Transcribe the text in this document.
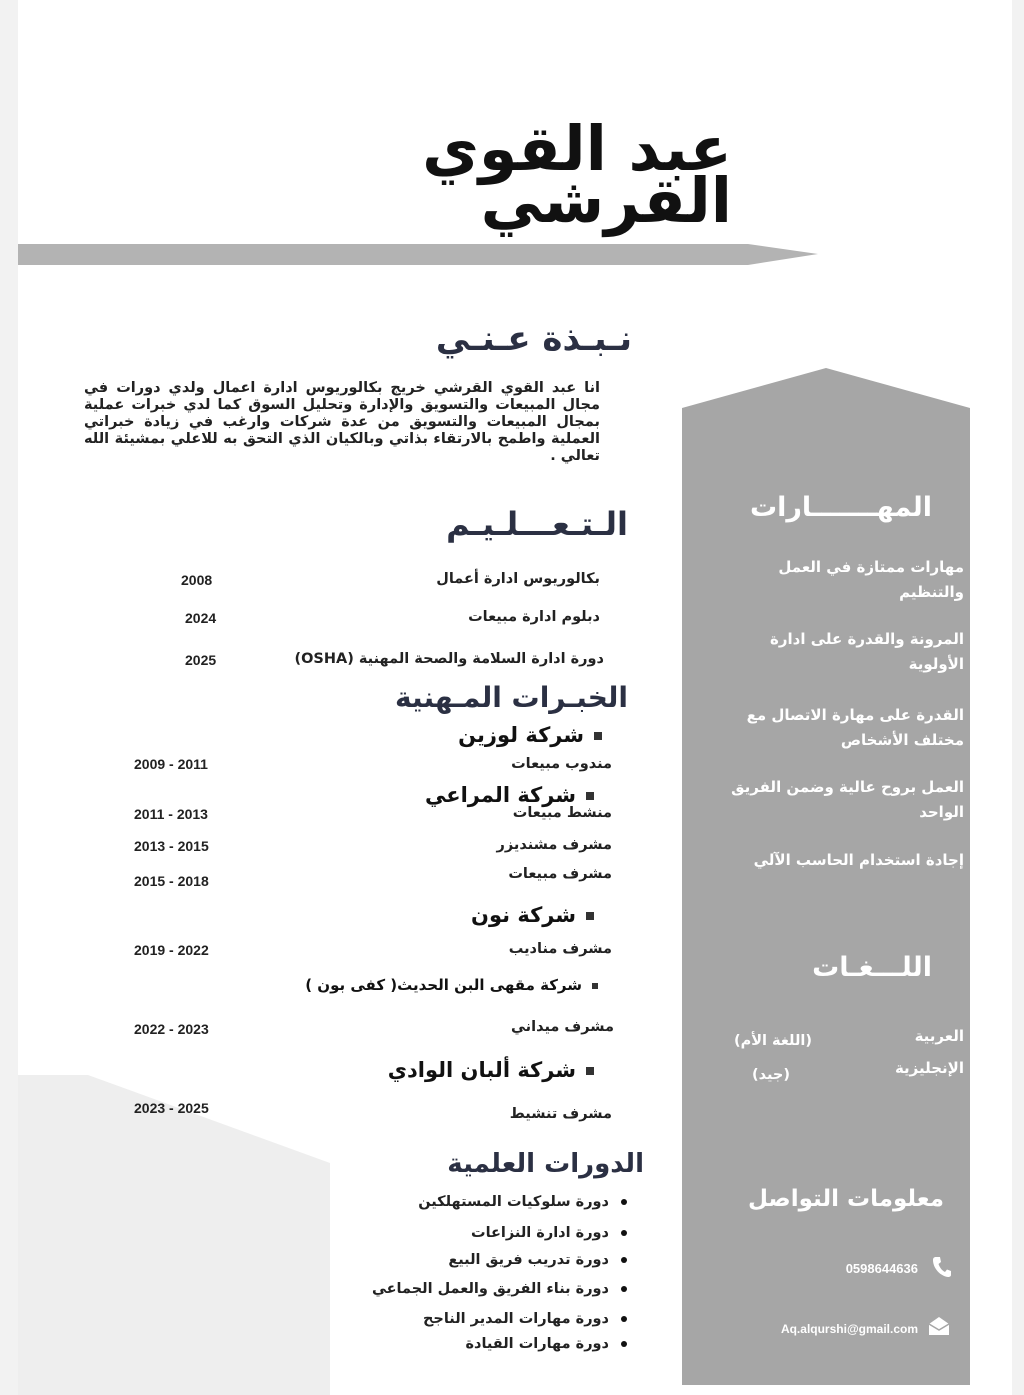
عبد القوي
القرشي
نـبـذة عـنـي
انا عبد القوي القرشي خريج بكالوريوس ادارة اعمال ولدي دورات في مجال المبيعات والتسويق والإدارة وتحليل السوق كما لدي خبرات عملية بمجال المبيعات والتسويق من عدة شركات وارغب في زيادة خبراتي العملية واطمح بالارتقاء بذاتي وبالكيان الذي التحق به للاعلي بمشيئة الله تعالي .
الـتـعـــلـيـم
بكالوريوس ادارة أعمال
2008
دبلوم ادارة مبيعات
2024
دورة ادارة السلامة والصحة المهنية (OSHA)
2025
الخبـرات المـهنية
شركة لوزين
مندوب مبيعات
2009 - 2011
شركة المراعي
منشط مبيعات
2011 - 2013
مشرف مشنديزر
2013 - 2015
مشرف مبيعات
2015 - 2018
شركة نون
مشرف مناديب
2019 - 2022
شركة مقهى البن الحديث( كفى بون )
مشرف ميداني
2022 - 2023
شركة ألبان الوادي
مشرف تنشيط
2023 - 2025
الدورات العلمية
دورة سلوكيات المستهلكين
دورة ادارة النزاعات
دورة تدريب فريق البيع
دورة بناء الفريق والعمل الجماعي
دورة مهارات المدير الناجح
دورة مهارات القيادة
المهـــــــارات
مهارات ممتازة في العمل والتنظيم
المرونة والقدرة على ادارة الأولوية
القدرة على مهارة الاتصال مع مختلف الأشخاص
العمل بروح عالية وضمن الفريق الواحد
إجادة استخدام الحاسب الآلي
اللـــغـات
العربية
(اللغة الأم)
الإنجليزية
(جيد)
معلومات التواصل
0598644636
Aq.alqurshi@gmail.com
